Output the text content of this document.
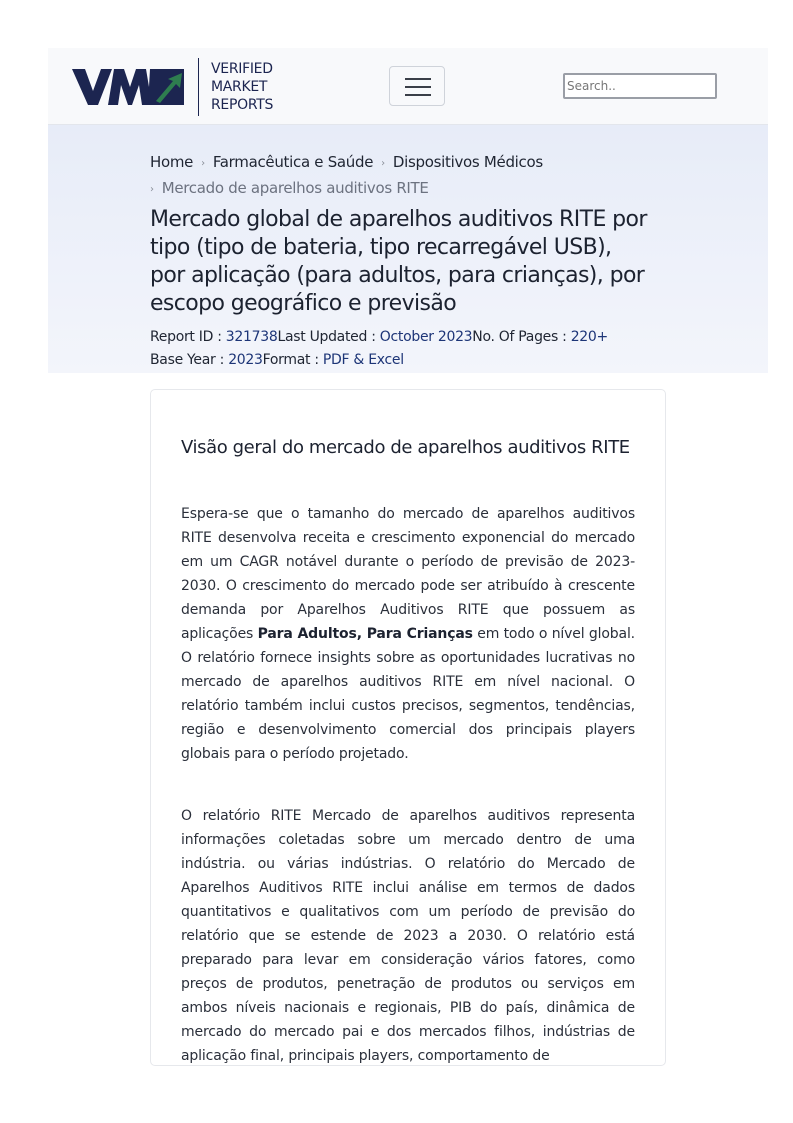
VERIFIED
MARKET
REPORTS
Search..
Home › Farmacêutica e Saúde › Dispositivos Médicos
› Mercado de aparelhos auditivos RITE
Mercado global de aparelhos auditivos RITE por tipo (tipo de bateria, tipo recarregável USB), por aplicação (para adultos, para crianças), por escopo geográfico e previsão
Report ID : 321738Last Updated : October 2023No. Of Pages : 220+
Base Year : 2023Format : PDF & Excel
Visão geral do mercado de aparelhos auditivos RITE

Espera-se que o tamanho do mercado de aparelhos auditivos RITE desenvolva receita e crescimento exponencial do mercado em um CAGR notável durante o período de previsão de 2023-2030. O crescimento do mercado pode ser atribuído à crescente demanda por Aparelhos Auditivos RITE que possuem as aplicações Para Adultos, Para Crianças em todo o nível global. O relatório fornece insights sobre as oportunidades lucrativas no mercado de aparelhos auditivos RITE em nível nacional. O relatório também inclui custos precisos, segmentos, tendências, região e desenvolvimento comercial dos principais players globais para o período projetado.

O relatório RITE Mercado de aparelhos auditivos representa informações coletadas sobre um mercado dentro de uma indústria. ou várias indústrias. O relatório do Mercado de Aparelhos Auditivos RITE inclui análise em termos de dados quantitativos e qualitativos com um período de previsão do relatório que se estende de 2023 a 2030. O relatório está preparado para levar em consideração vários fatores, como preços de produtos, penetração de produtos ou serviços em ambos níveis nacionais e regionais, PIB do país, dinâmica de mercado do mercado pai e dos mercados filhos, indústrias de aplicação final, principais players, comportamento de
